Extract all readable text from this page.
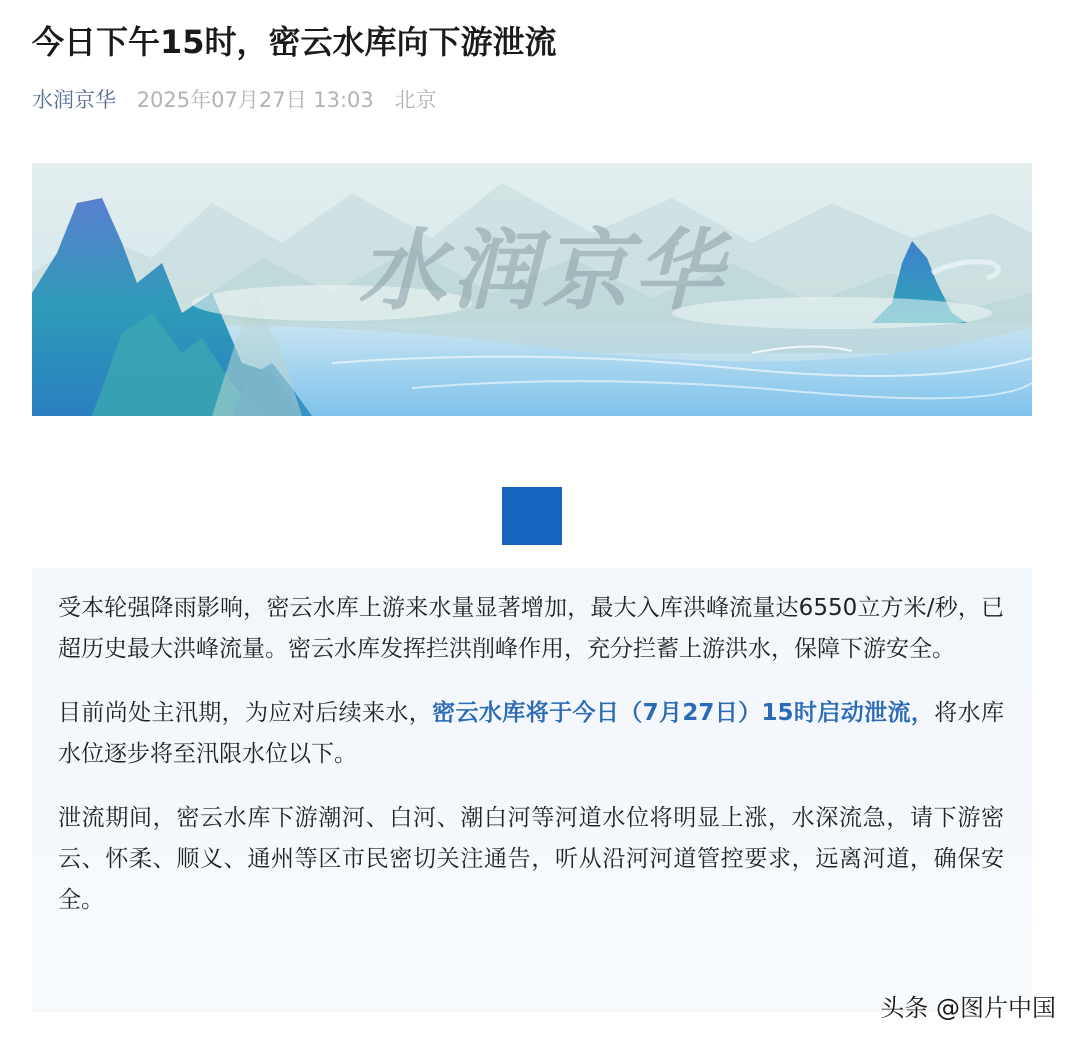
今日下午15时，密云水库向下游泄流
水润京华 2025年07月27日 13:03 北京
水润京华

受本轮强降雨影响，密云水库上游来水量显著增加，最大入库洪峰流量达6550立方米/秒，已超历史最大洪峰流量。密云水库发挥拦洪削峰作用，充分拦蓄上游洪水，保障下游安全。

目前尚处主汛期，为应对后续来水，密云水库将于今日（7月27日）15时启动泄流，将水库水位逐步将至汛限水位以下。

泄流期间，密云水库下游潮河、白河、潮白河等河道水位将明显上涨，水深流急，请下游密云、怀柔、顺义、通州等区市民密切关注通告，听从沿河河道管控要求，远离河道，确保安全。

头条 @图片中国
